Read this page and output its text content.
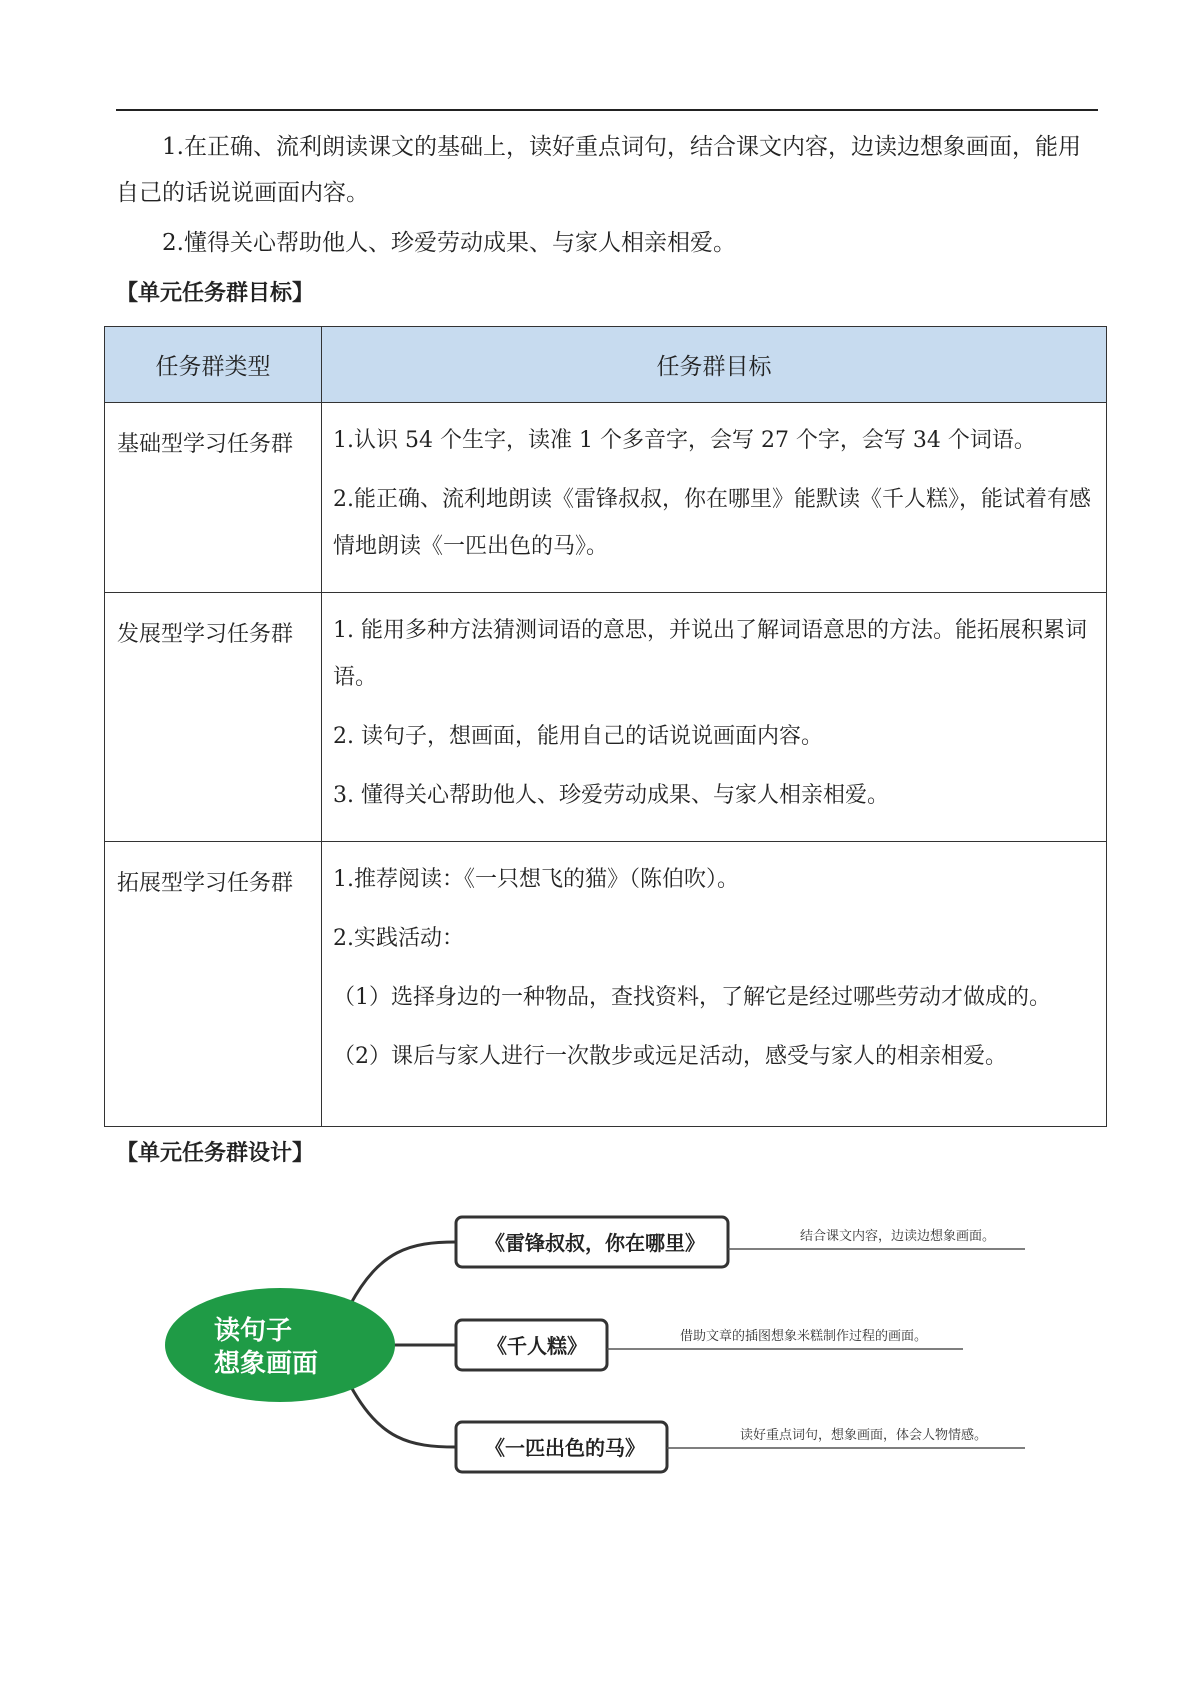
1.在正确、流利朗读课文的基础上，读好重点词句，结合课文内容，边读边想象画面，能用自己的话说说画面内容。

2.懂得关心帮助他人、珍爱劳动成果、与家人相亲相爱。

【单元任务群目标】
任务群类型	任务群目标
基础型学习任务群	1.认识 54 个生字，读准 1 个多音字，会写 27 个字，会写 34 个词语。

2.能正确、流利地朗读《雷锋叔叔，你在哪里》能默读《千人糕》，能试着有感情地朗读《一匹出色的马》。

发展型学习任务群	1. 能用多种方法猜测词语的意思，并说出了解词语意思的方法。能拓展积累词语。

2. 读句子，想画面，能用自己的话说说画面内容。

3. 懂得关心帮助他人、珍爱劳动成果、与家人相亲相爱。

拓展型学习任务群	1.推荐阅读：《一只想飞的猫》（陈伯吹）。

2.实践活动：

（1）选择身边的一种物品，查找资料，了解它是经过哪些劳动才做成的。

（2）课后与家人进行一次散步或远足活动，感受与家人的相亲相爱。

【单元任务群设计】
读句子
想象画面
《雷锋叔叔，你在哪里》	结合课文内容，边读边想象画面。
《千人糕》	借助文章的插图想象米糕制作过程的画面。
《一匹出色的马》
读好重点词句，想象画面，体会人物情感。
